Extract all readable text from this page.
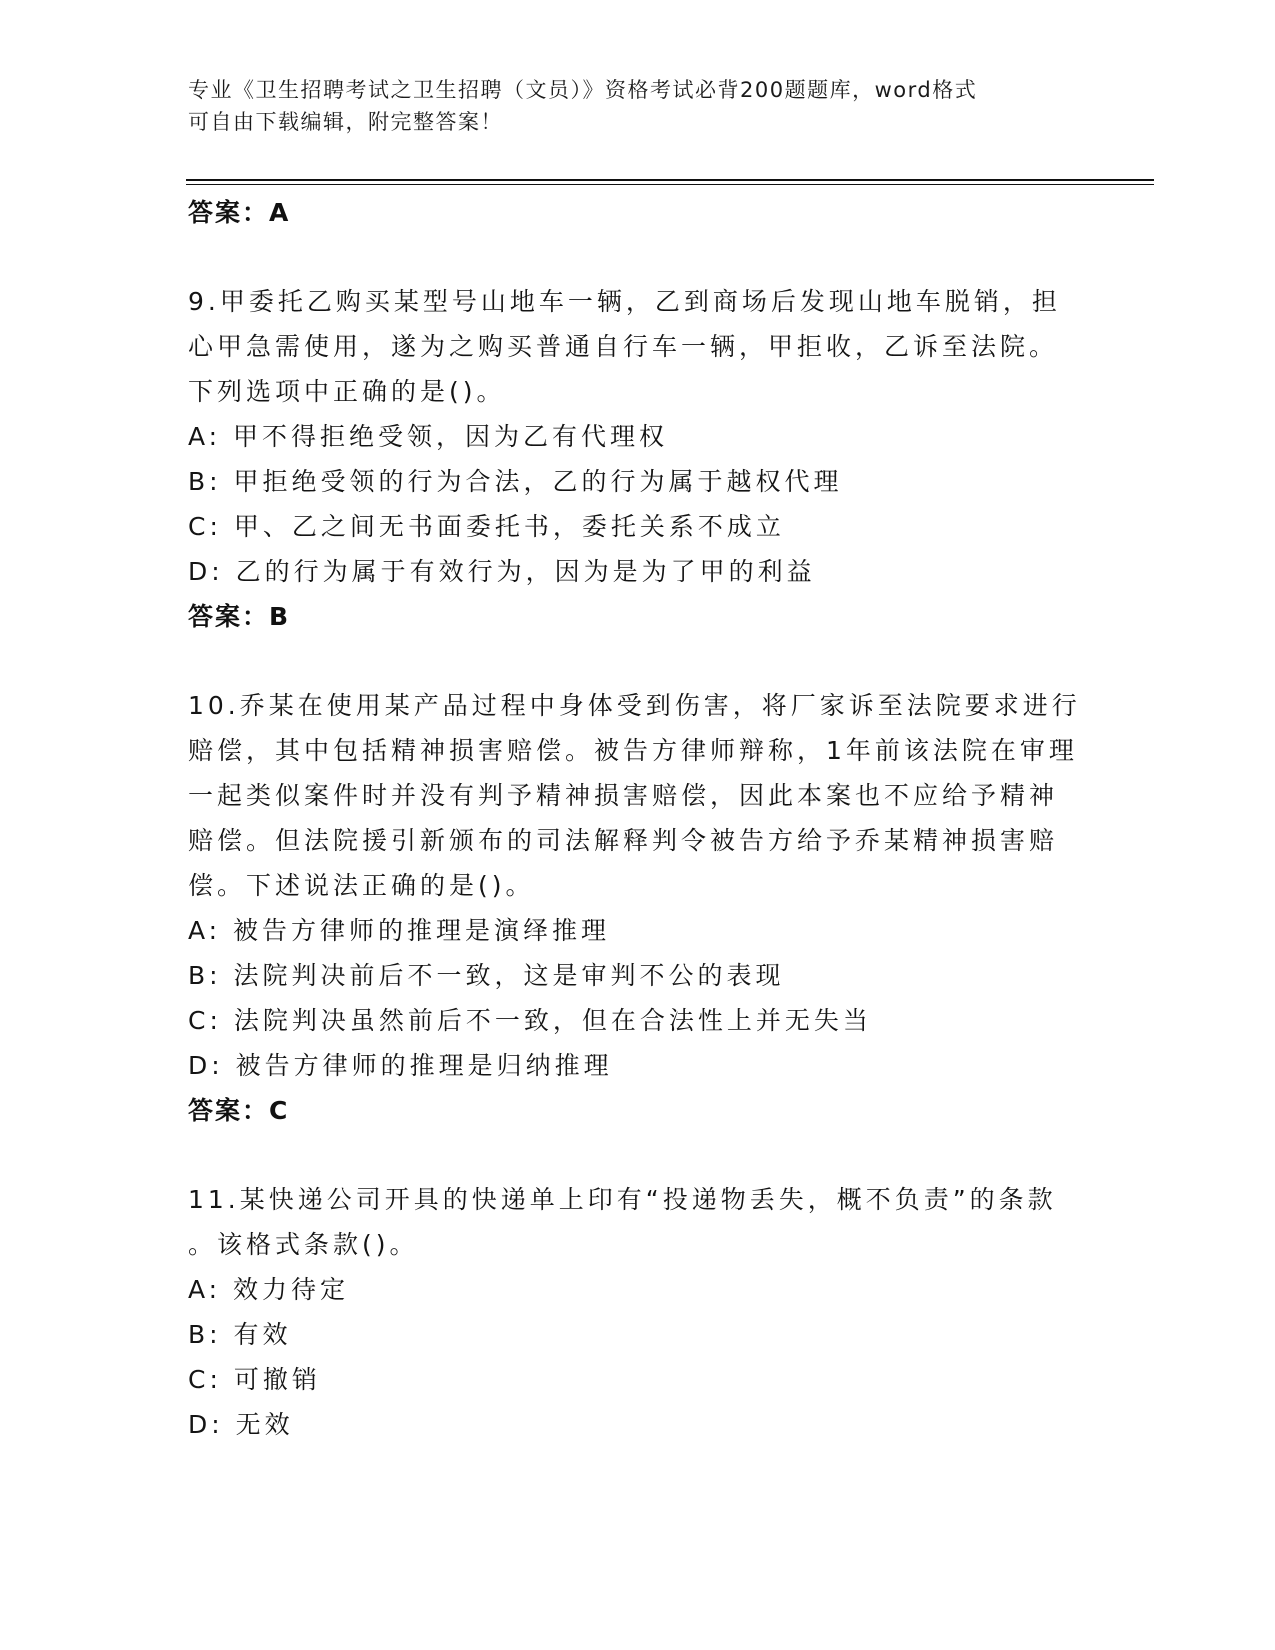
专业《卫生招聘考试之卫生招聘（文员）》资格考试必背200题题库，word格式
可自由下载编辑，附完整答案！
答案：A
9.甲委托乙购买某型号山地车一辆，乙到商场后发现山地车脱销，担
心甲急需使用，遂为之购买普通自行车一辆，甲拒收，乙诉至法院。
下列选项中正确的是()。
A: 甲不得拒绝受领，因为乙有代理权
B: 甲拒绝受领的行为合法，乙的行为属于越权代理
C: 甲、乙之间无书面委托书，委托关系不成立
D: 乙的行为属于有效行为，因为是为了甲的利益
答案：B
10.乔某在使用某产品过程中身体受到伤害，将厂家诉至法院要求进行
赔偿，其中包括精神损害赔偿。被告方律师辩称，1年前该法院在审理
一起类似案件时并没有判予精神损害赔偿，因此本案也不应给予精神
赔偿。但法院援引新颁布的司法解释判令被告方给予乔某精神损害赔
偿。下述说法正确的是()。
A: 被告方律师的推理是演绎推理
B: 法院判决前后不一致，这是审判不公的表现
C: 法院判决虽然前后不一致，但在合法性上并无失当
D: 被告方律师的推理是归纳推理
答案：C
11.某快递公司开具的快递单上印有“投递物丢失，概不负责”的条款
。该格式条款()。
A: 效力待定
B: 有效
C: 可撤销
D: 无效
